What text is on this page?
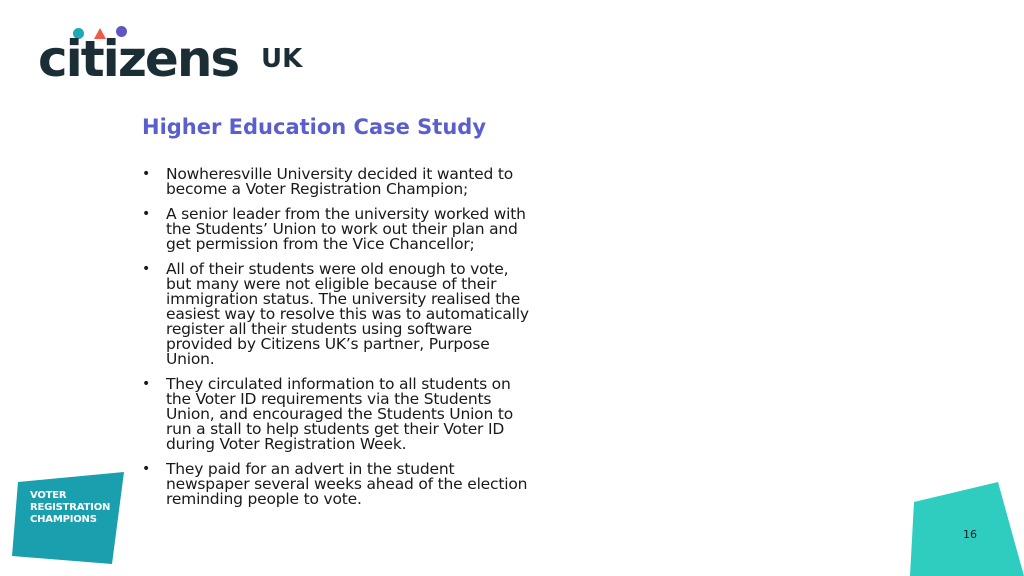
citizens UK
Higher Education Case Study
• Nowheresville University decided it wanted to become a Voter Registration Champion;
• A senior leader from the university worked with the Students’ Union to work out their plan and get permission from the Vice Chancellor;
• All of their students were old enough to vote, but many were not eligible because of their immigration status. The university realised the easiest way to resolve this was to automatically register all their students using software provided by Citizens UK’s partner, Purpose Union.
• They circulated information to all students on the Voter ID requirements via the Students Union, and encouraged the Students Union to run a stall to help students get their Voter ID during Voter Registration Week.
• They paid for an advert in the student newspaper several weeks ahead of the election reminding people to vote.
VOTER
REGISTRATION
CHAMPIONS
16
